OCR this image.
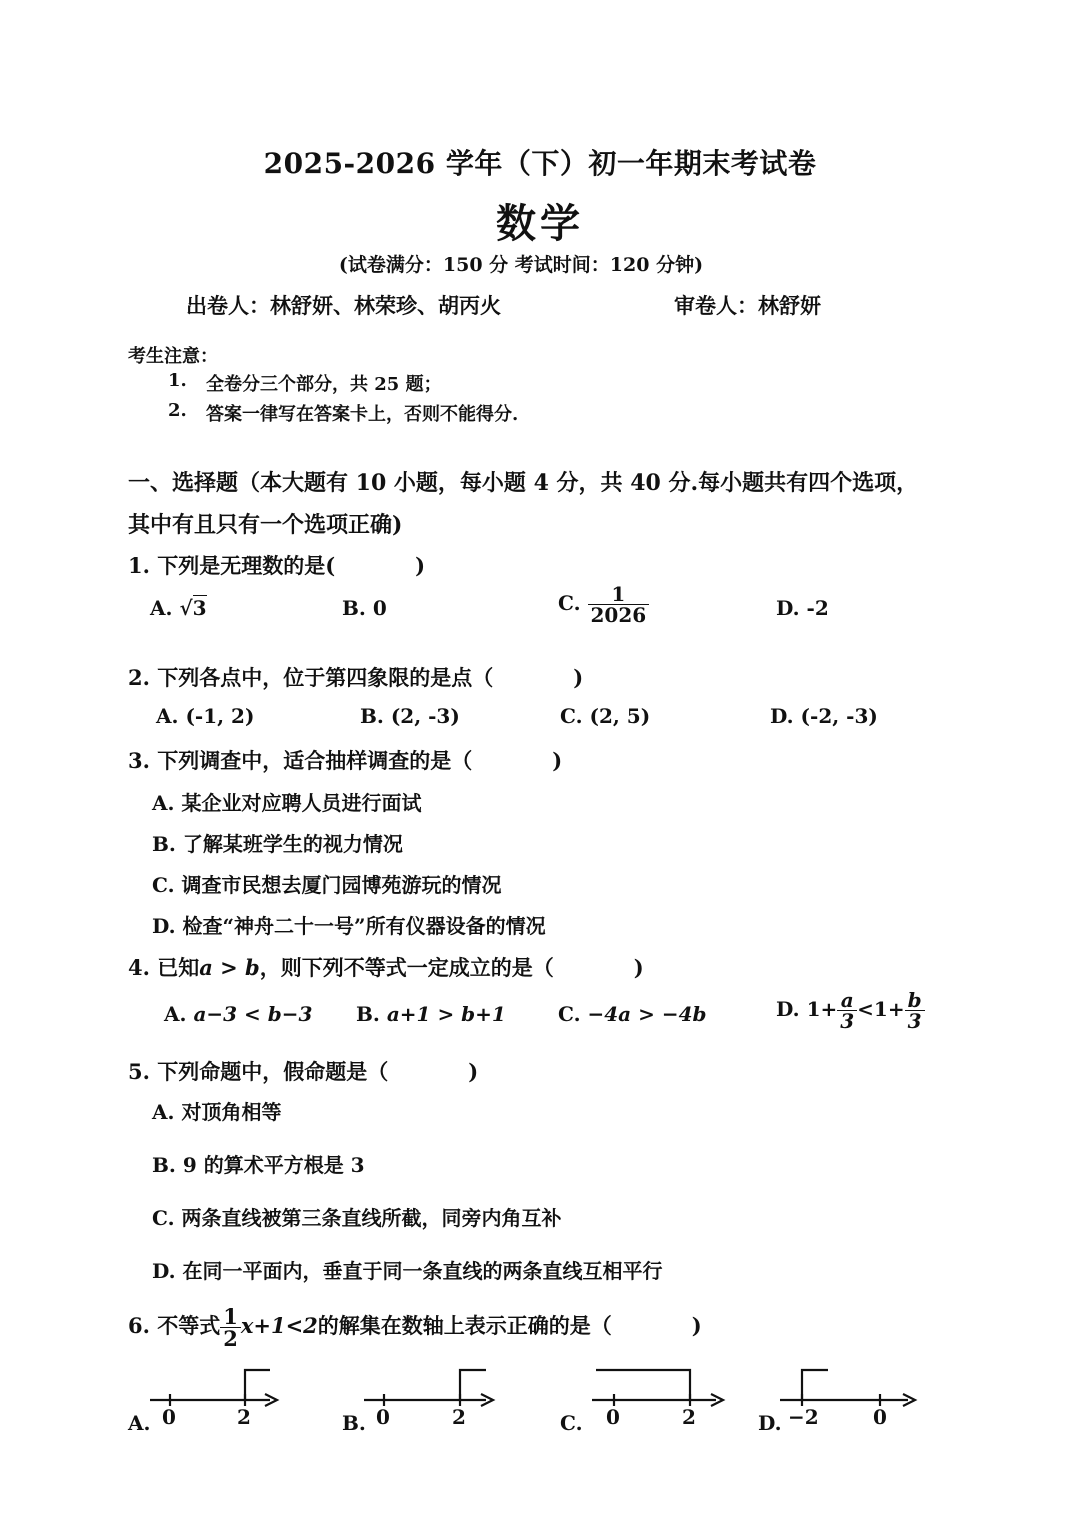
2025-2026 学年（下）初一年期末考试卷
数学
(试卷满分：150 分 考试时间：120 分钟)
出卷人：林舒妍、林荣珍、胡丙火	审卷人：林舒妍
考生注意：
1. 全卷分三个部分，共 25 题；
2. 答案一律写在答案卡上，否则不能得分.
一、选择题（本大题有 10 小题，每小题 4 分，共 40 分.每小题共有四个选项，
其中有且只有一个选项正确)
1. 下列是无理数的是(	)
A. √3	B. 0	C. $\frac{1}{2026}$	D. -2
2. 下列各点中，位于第四象限的是点（	)
A. (-1, 2)	B. (2, -3)	C. (2, 5)	D. (-2, -3)
3. 下列调查中，适合抽样调查的是（	)
A. 某企业对应聘人员进行面试
B. 了解某班学生的视力情况
C. 调查市民想去厦门园博苑游玩的情况
D. 检查“神舟二十一号”所有仪器设备的情况
4. 已知a > b，则下列不等式一定成立的是（	)
A. a−3 < b−3 B. a+1 > b+1	C. −4a > −4b	D. $1+ \frac{a}{3} <1+ \frac{b}{3}$
5. 下列命题中，假命题是（	)
A. 对顶角相等
B. 9 的算术平方根是 3
C. 两条直线被第三条直线所截，同旁内角互补
D. 在同一平面内，垂直于同一条直线的两条直线互相平行
6. 不等式 $\frac{1}{2} x+1<2$的解集在数轴上表示正确的是（	)
A. 0	2	B. 0	2	C. 0	2	D. −2	0
